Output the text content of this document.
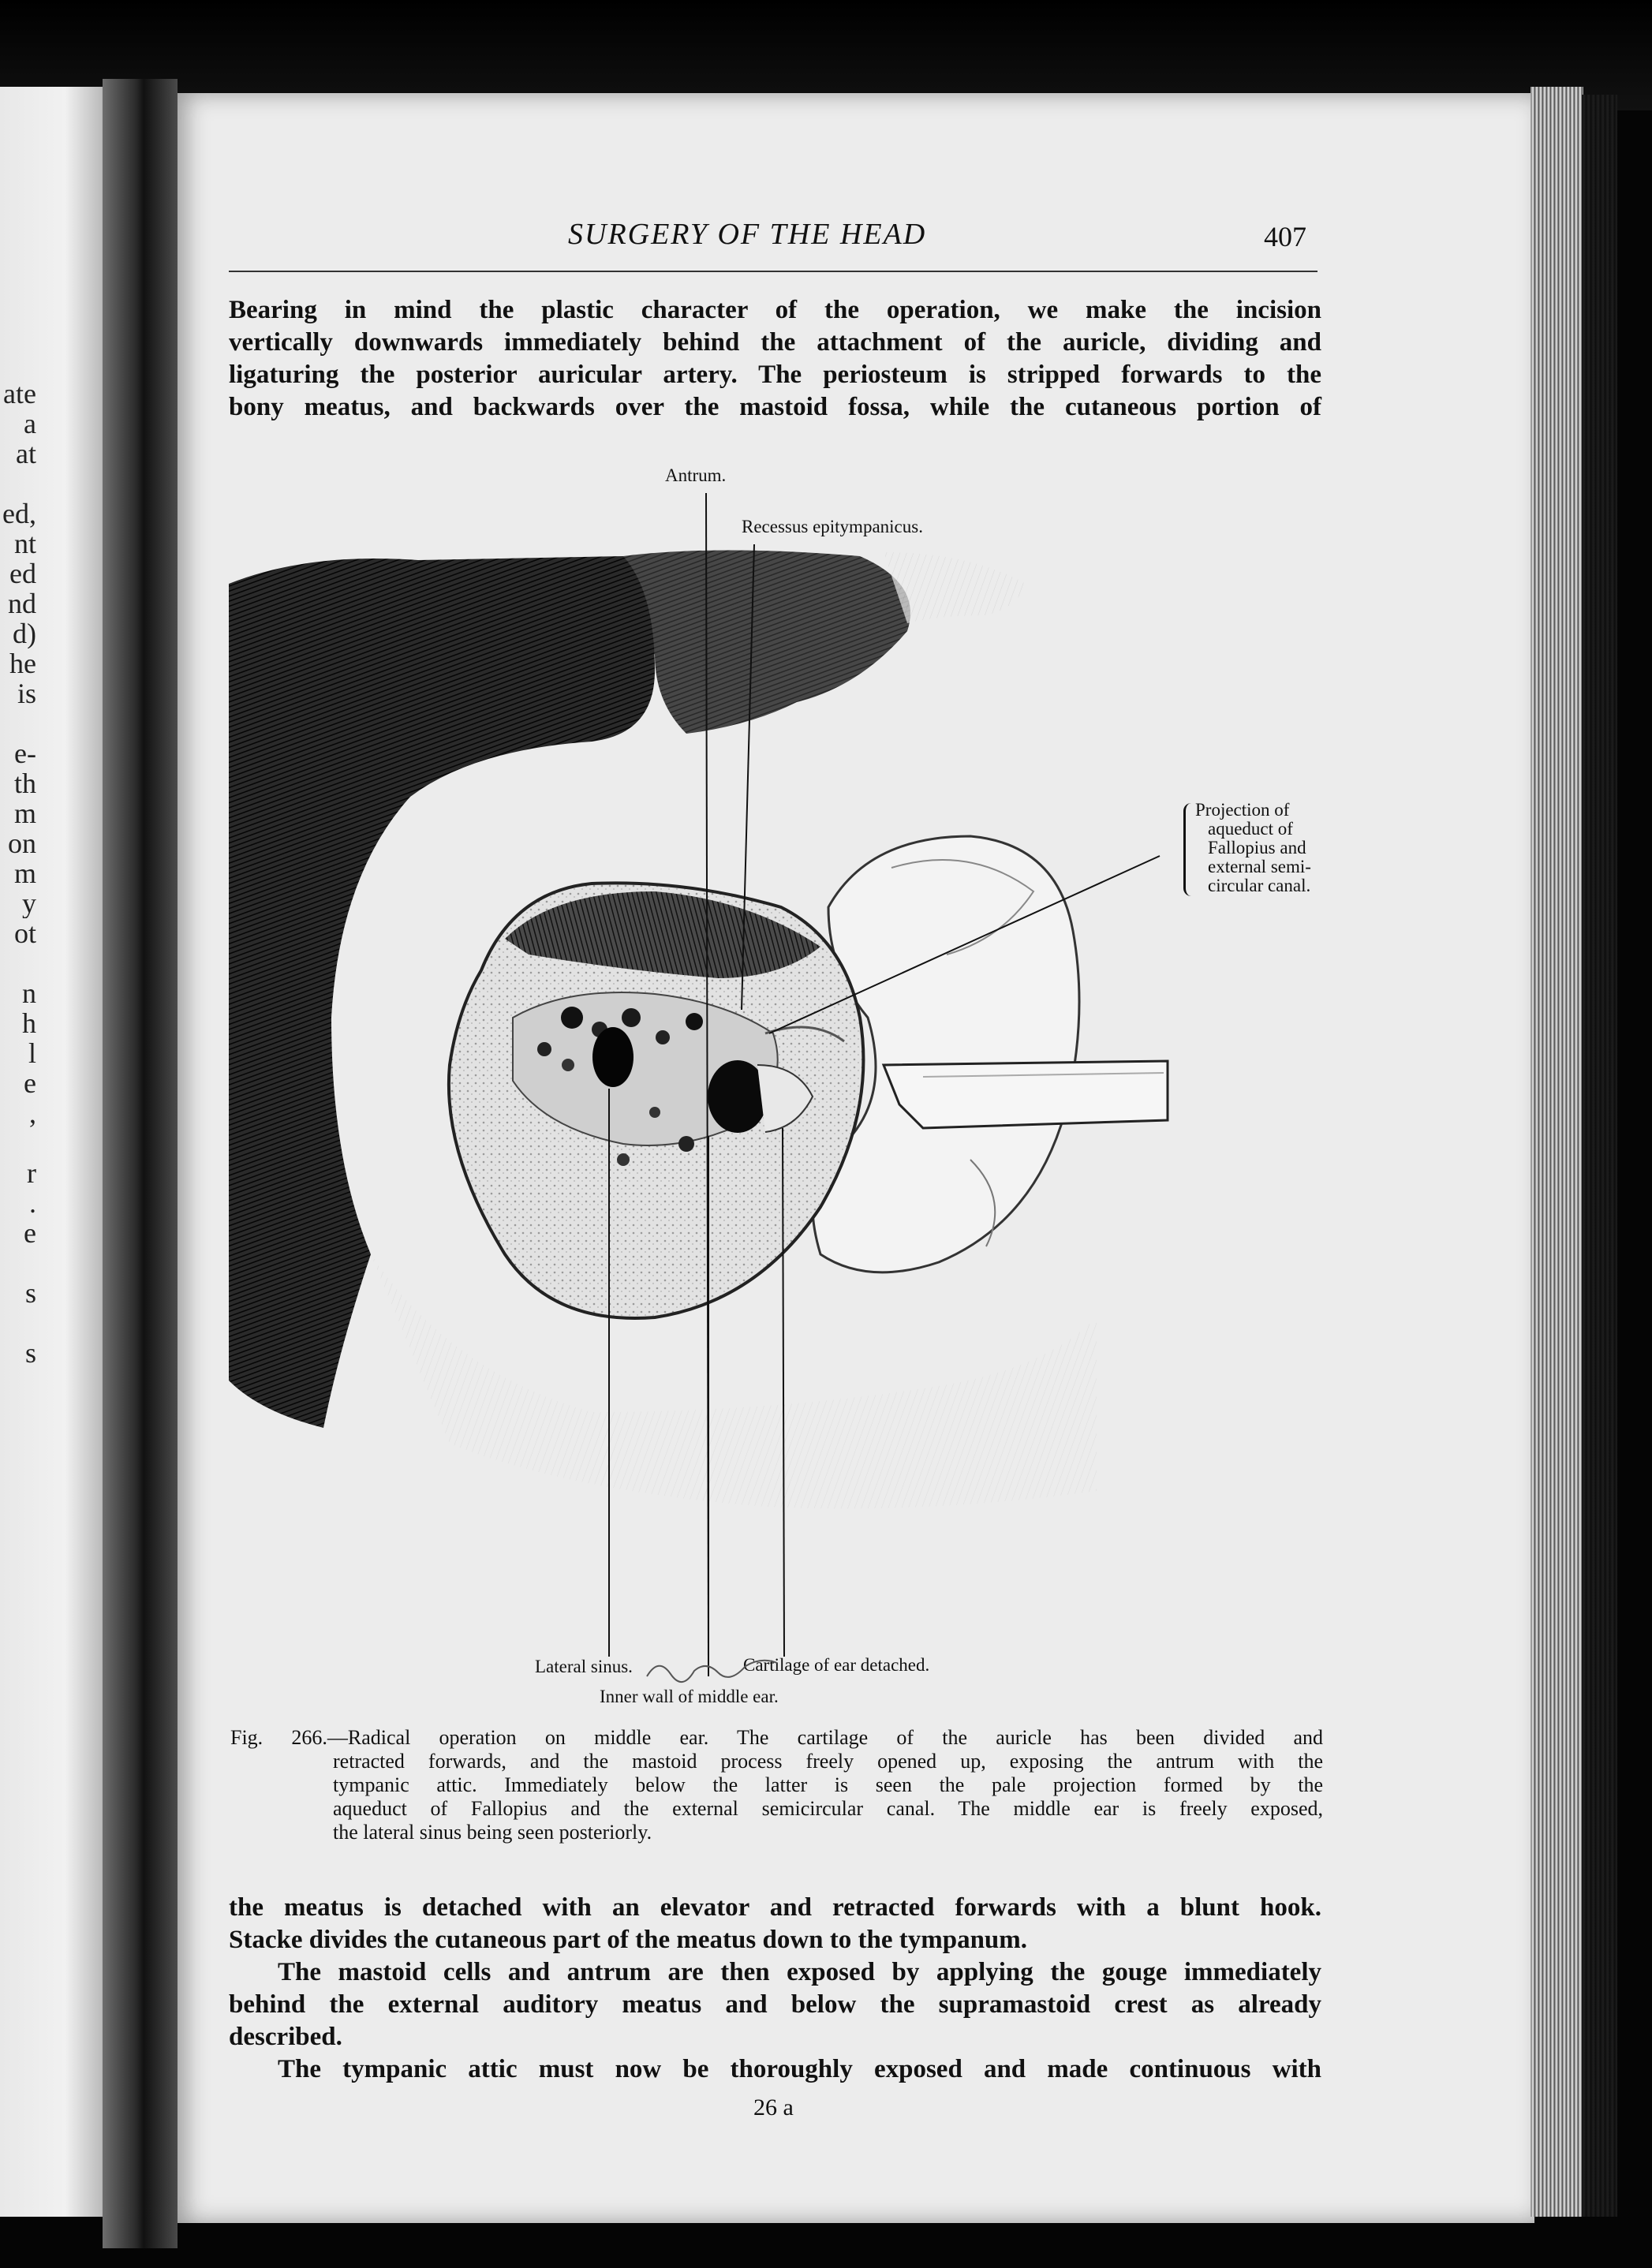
ate
a
at
ed,
nt
ed
nd
d)
he
is
e-
th
m
on
m
y
ot
n
h
l
e
,
r
.
e
s
s
SURGERY OF THE HEAD	407
Bearing in mind the plastic character of the operation, we make the incision
vertically downwards immediately behind the attachment of the auricle, dividing and
ligaturing the posterior auricular artery. The periosteum is stripped forwards to the
bony meatus, and backwards over the mastoid fossa, while the cutaneous portion of
Antrum.
Recessus epitympanicus.
Projection of
aqueduct of
Fallopius and
external semi-
circular canal.
Lateral sinus.	Cartilage of ear detached.
Inner wall of middle ear.
Fig. 266.—Radical operation on middle ear. The cartilage of the auricle has been divided and
retracted forwards, and the mastoid process freely opened up, exposing the antrum with the
tympanic attic. Immediately below the latter is seen the pale projection formed by the
aqueduct of Fallopius and the external semicircular canal. The middle ear is freely exposed,
the lateral sinus being seen posteriorly.
the meatus is detached with an elevator and retracted forwards with a blunt hook.
Stacke divides the cutaneous part of the meatus down to the tympanum.
The mastoid cells and antrum are then exposed by applying the gouge immediately
behind the external auditory meatus and below the supramastoid crest as already
described.
The tympanic attic must now be thoroughly exposed and made continuous with
26 a
